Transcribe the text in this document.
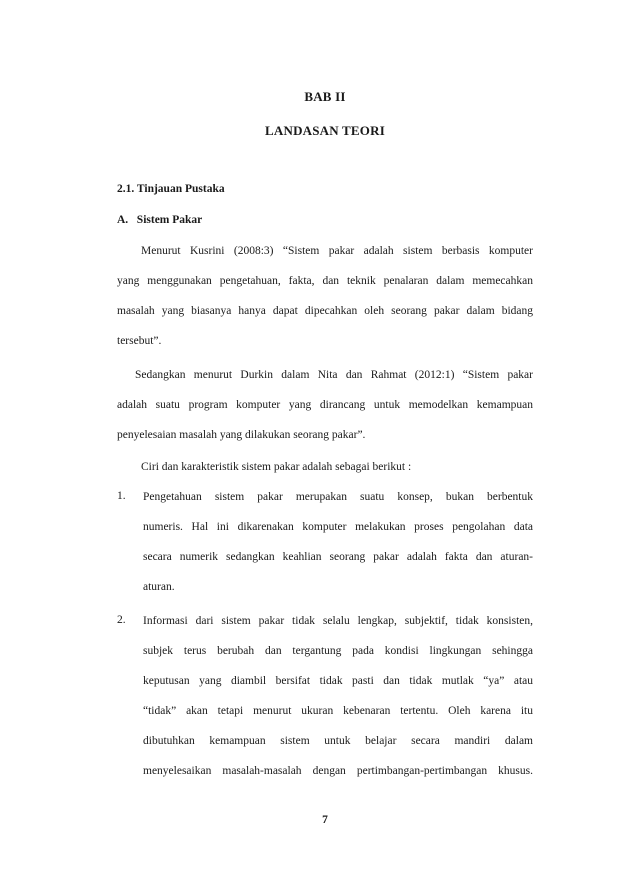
BAB II
LANDASAN TEORI
2.1. Tinjauan Pustaka
A.   Sistem Pakar
Menurut Kusrini (2008:3) “Sistem pakar adalah sistem berbasis komputer
yang menggunakan pengetahuan, fakta, dan teknik penalaran dalam memecahkan
masalah yang biasanya hanya dapat dipecahkan oleh seorang pakar dalam bidang
tersebut”.
Sedangkan menurut Durkin dalam Nita dan Rahmat (2012:1) “Sistem pakar
adalah suatu program komputer yang dirancang untuk memodelkan kemampuan
penyelesaian masalah yang dilakukan seorang pakar”.
Ciri dan karakteristik sistem pakar adalah sebagai berikut :
1. Pengetahuan sistem pakar merupakan suatu konsep, bukan berbentuk
numeris. Hal ini dikarenakan komputer melakukan proses pengolahan data
secara numerik sedangkan keahlian seorang pakar adalah fakta dan aturan-
aturan.
2. Informasi dari sistem pakar tidak selalu lengkap, subjektif, tidak konsisten,
subjek terus berubah dan tergantung pada kondisi lingkungan sehingga
keputusan yang diambil bersifat tidak pasti dan tidak mutlak “ya” atau
“tidak” akan tetapi menurut ukuran kebenaran tertentu. Oleh karena itu
dibutuhkan kemampuan sistem untuk belajar secara mandiri dalam
menyelesaikan masalah-masalah dengan pertimbangan-pertimbangan khusus.
7
